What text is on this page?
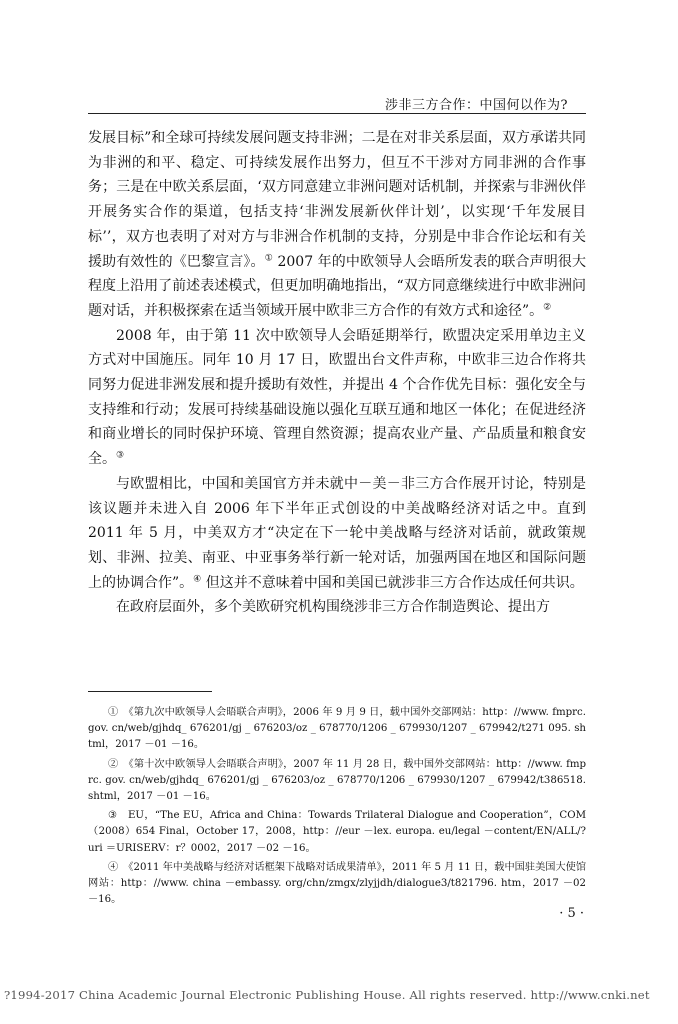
涉非三方合作：中国何以作为?

发展目标”和全球可持续发展问题支持非洲；二是在对非关系层面，双方承诺共同为非洲的和平、稳定、可持续发展作出努力，但互不干涉对方同非洲的合作事务；三是在中欧关系层面，‘双方同意建立非洲问题对话机制，并探索与非洲伙伴开展务实合作的渠道，包括支持‘非洲发展新伙伴计划’，以实现‘千年发展目标’’，双方也表明了对对方与非洲合作机制的支持，分别是中非合作论坛和有关援助有效性的《巴黎宣言》。① 2007 年的中欧领导人会晤所发表的联合声明很大程度上沿用了前述表述模式，但更加明确地指出，“双方同意继续进行中欧非洲问题对话，并积极探索在适当领域开展中欧非三方合作的有效方式和途径”。②

2008 年，由于第 11 次中欧领导人会晤延期举行，欧盟决定采用单边主义方式对中国施压。同年 10 月 17 日，欧盟出台文件声称，中欧非三边合作将共同努力促进非洲发展和提升援助有效性，并提出 4 个合作优先目标：强化安全与支持维和行动；发展可持续基础设施以强化互联互通和地区一体化；在促进经济和商业增长的同时保护环境、管理自然资源；提高农业产量、产品质量和粮食安全。③

与欧盟相比，中国和美国官方并未就中－美－非三方合作展开讨论，特别是该议题并未进入自 2006 年下半年正式创设的中美战略经济对话之中。直到 2011 年 5 月，中美双方才“决定在下一轮中美战略与经济对话前，就政策规划、非洲、拉美、南亚、中亚事务举行新一轮对话，加强两国在地区和国际问题上的协调合作”。④ 但这并不意味着中国和美国已就涉非三方合作达成任何共识。

在政府层面外，多个美欧研究机构围绕涉非三方合作制造舆论、提出方

①　 《第九次中欧领导人会晤联合声明》，2006 年 9 月 9 日，载中国外交部网站：http：//www. fmprc. gov. cn/web/gjhdq_ 676201/gj _ 676203/oz _ 678770/1206 _ 679930/1207 _ 679942/t271 095. shtml，2017 －01 －16。

②　 《第十次中欧领导人会晤联合声明》，2007 年 11 月 28 日，载中国外交部网站：http：//www. fmprc. gov. cn/web/gjhdq_ 676201/gj _ 676203/oz _ 678770/1206 _ 679930/1207 _ 679942/t386518. shtml，2017 －01 －16。

③　 EU，“The EU，Africa and China：Towards Trilateral Dialogue and Cooperation”，COM（2008）654 Final，October 17，2008，http：//eur －lex. europa. eu/legal －content/EN/ALL/? uri ＝URISERV：r？0002，2017 －02 －16。

④　 《2011 年中美战略与经济对话框架下战略对话成果清单》，2011 年 5 月 11 日，载中国驻美国大使馆网站：http：//www. china －embassy. org/chn/zmgx/zlyjjdh/dialogue3/t821796. htm，2017 －02 －16。

· 5 ·
?1994-2017 China Academic Journal Electronic Publishing House. All rights reserved. http://www.cnki.net
